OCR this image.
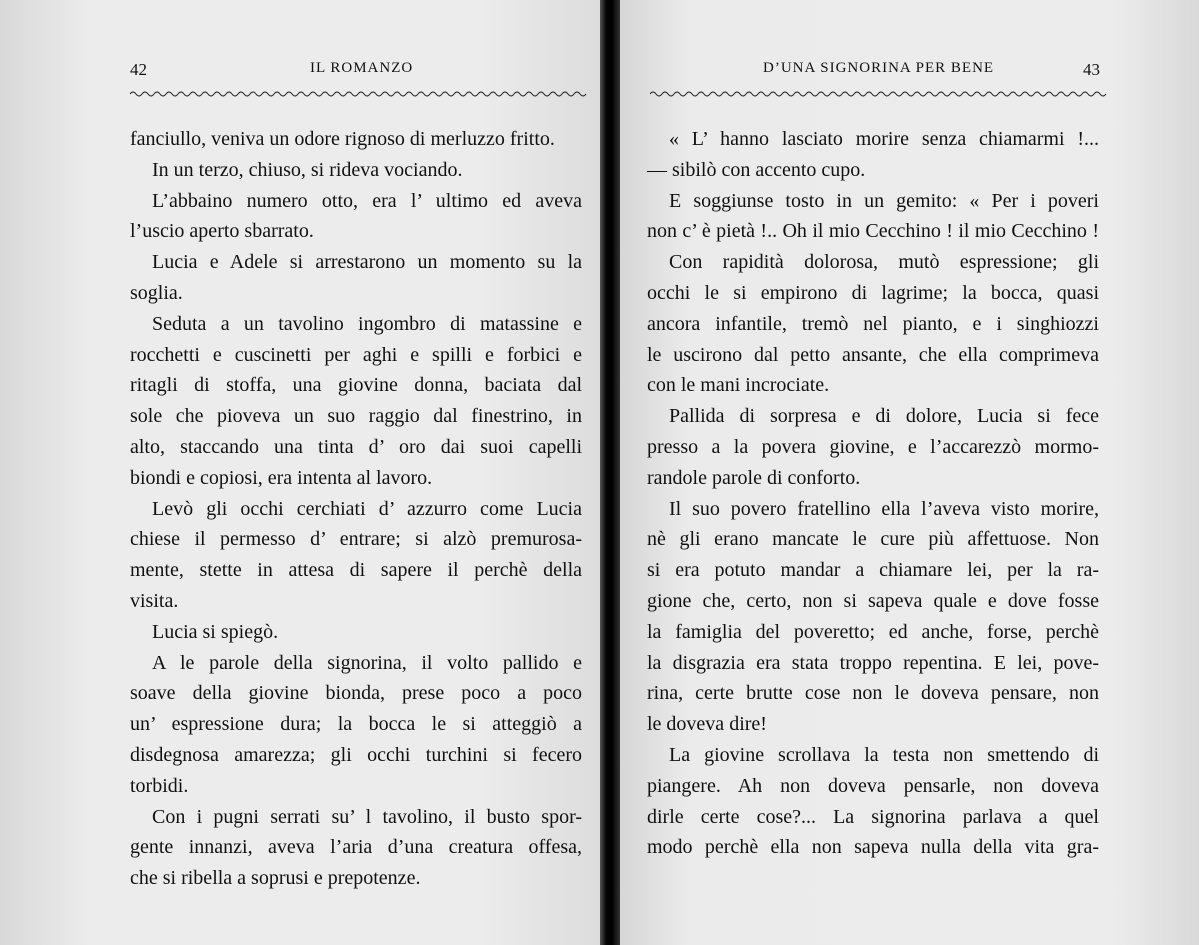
42	IL ROMANZO
fanciullo, veniva un odore rignoso di merluzzo fritto.
In un terzo, chiuso, si rideva vociando.
L’abbaino numero otto, era l’ ultimo ed aveva
l’uscio aperto sbarrato.
Lucia e Adele si arrestarono un momento su la
soglia.
Seduta a un tavolino ingombro di matassine e
rocchetti e cuscinetti per aghi e spilli e forbici e
ritagli di stoffa, una giovine donna, baciata dal
sole che pioveva un suo raggio dal finestrino, in
alto, staccando una tinta d’ oro dai suoi capelli
biondi e copiosi, era intenta al lavoro.
Levò gli occhi cerchiati d’ azzurro come Lucia
chiese il permesso d’ entrare; si alzò premurosa-
mente, stette in attesa di sapere il perchè della
visita.
Lucia si spiegò.
A le parole della signorina, il volto pallido e
soave della giovine bionda, prese poco a poco
un’ espressione dura; la bocca le si atteggiò a
disdegnosa amarezza; gli occhi turchini si fecero
torbidi.
Con i pugni serrati su’ l tavolino, il busto spor-
gente innanzi, aveva l’aria d’una creatura offesa,
che si ribella a soprusi e prepotenze.
D’UNA SIGNORINA PER BENE	43
« L’ hanno lasciato morire senza chiamarmi !...
— sibilò con accento cupo.
E soggiunse tosto in un gemito: « Per i poveri
non c’ è pietà !.. Oh il mio Cecchino ! il mio Cecchino !
Con rapidità dolorosa, mutò espressione; gli
occhi le si empirono di lagrime; la bocca, quasi
ancora infantile, tremò nel pianto, e i singhiozzi
le uscirono dal petto ansante, che ella comprimeva
con le mani incrociate.
Pallida di sorpresa e di dolore, Lucia si fece
presso a la povera giovine, e l’accarezzò mormo-
randole parole di conforto.
Il suo povero fratellino ella l’aveva visto morire,
nè gli erano mancate le cure più affettuose. Non
si era potuto mandar a chiamare lei, per la ra-
gione che, certo, non si sapeva quale e dove fosse
la famiglia del poveretto; ed anche, forse, perchè
la disgrazia era stata troppo repentina. E lei, pove-
rina, certe brutte cose non le doveva pensare, non
le doveva dire!
La giovine scrollava la testa non smettendo di
piangere. Ah non doveva pensarle, non doveva
dirle certe cose?... La signorina parlava a quel
modo perchè ella non sapeva nulla della vita gra-
